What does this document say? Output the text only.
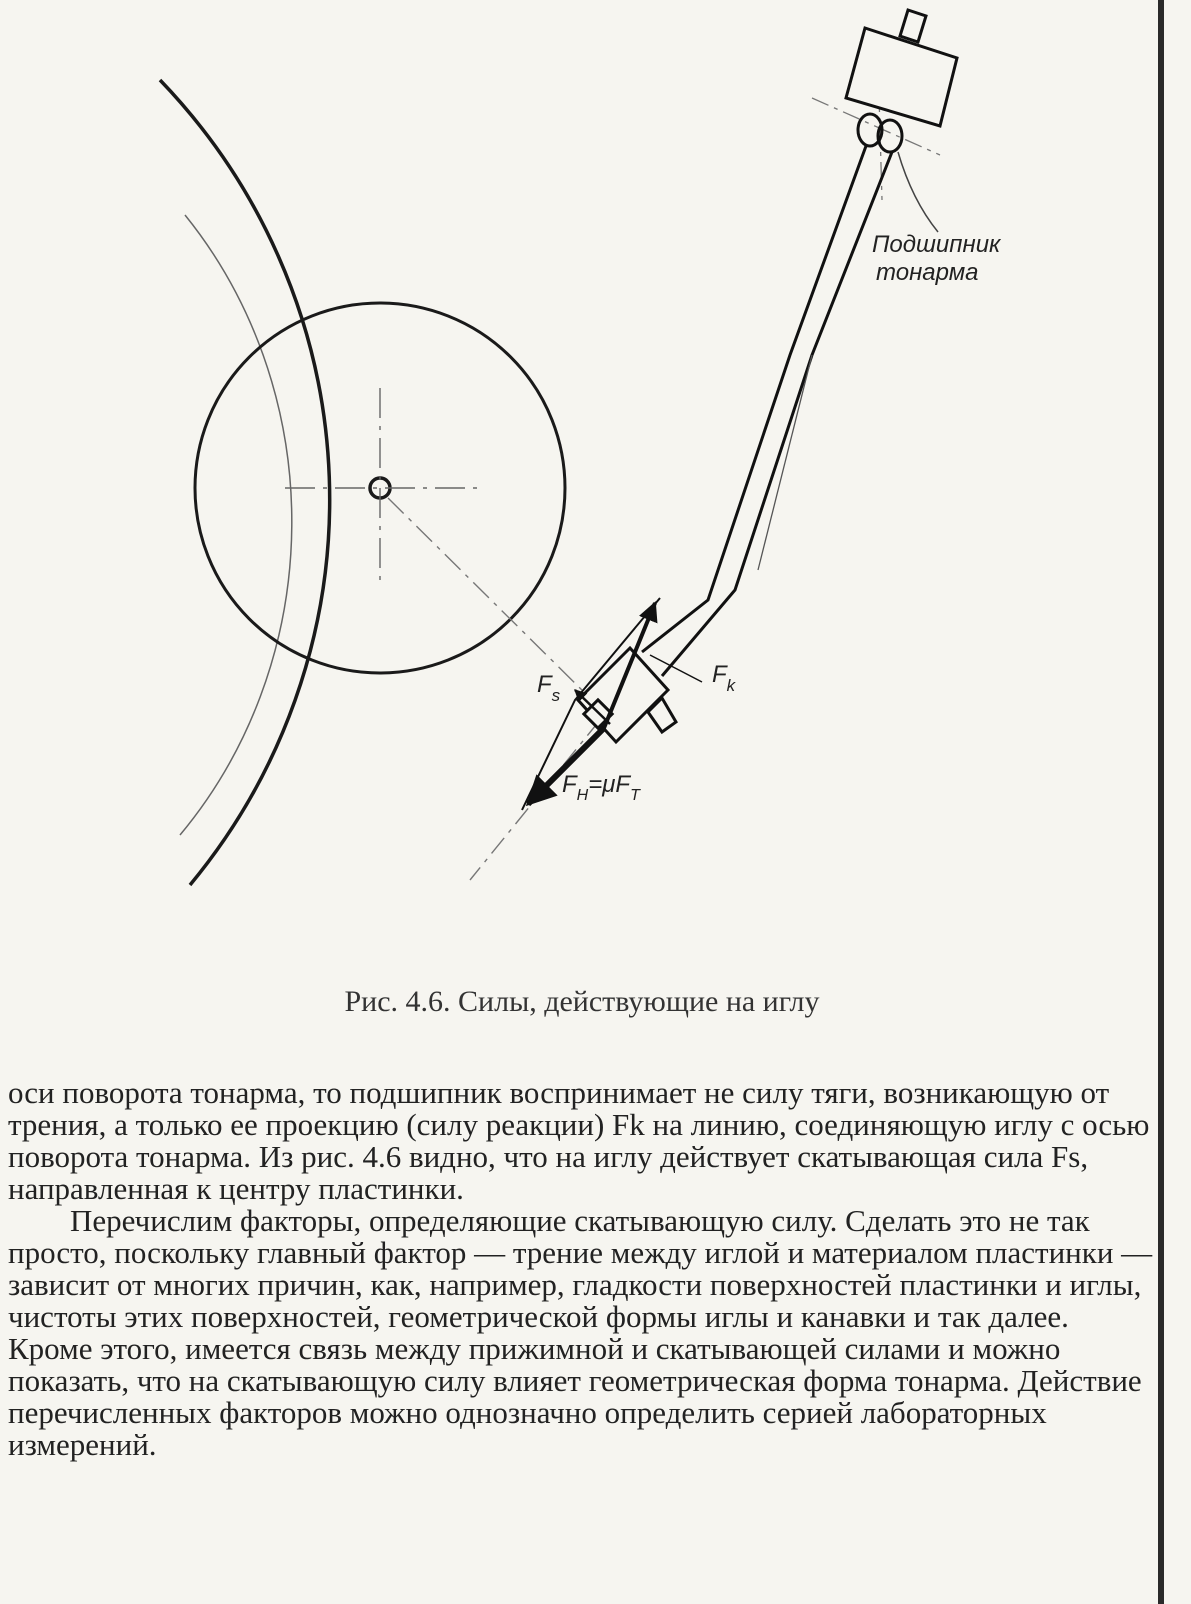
Подшипник
тонарма
$F_s$
$F_k$
$F_H=\mu F_T$
Рис. 4.6. Силы, действующие на иглу

оси поворота тонарма, то подшипник воспринимает не силу тяги, возникающую от трения, а только ее проекцию (силу реакции) Fk на линию, соединяющую иглу с осью поворота тонарма. Из рис. 4.6 видно, что на иглу действует скатывающая сила Fs, направленная к центру пластинки.

Перечислим факторы, определяющие скатывающую силу. Сделать это не так просто, поскольку главный фактор — трение между иглой и материалом пластинки — зависит от многих причин, как, например, гладкости поверхностей пластинки и иглы, чистоты этих поверхностей, геометрической формы иглы и канавки и так далее. Кроме этого, имеется связь между прижимной и скатывающей силами и можно показать, что на скатывающую силу влияет геометрическая форма тонарма. Действие перечисленных факторов можно однозначно определить серией лабораторных измерений.
